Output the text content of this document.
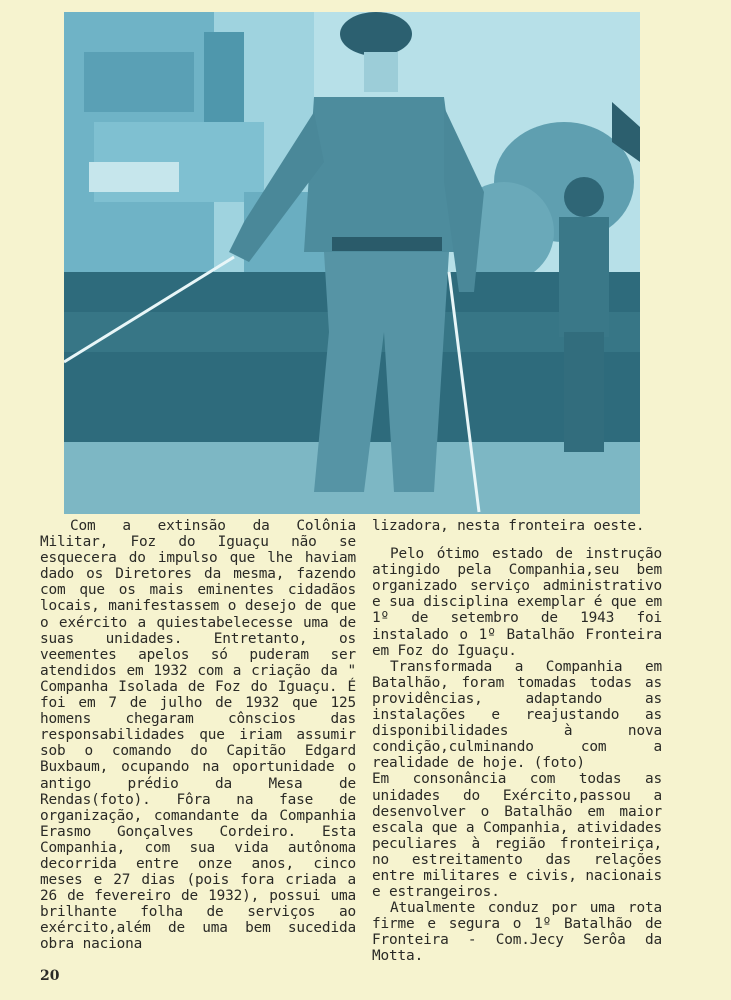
Com a extinsão da Colônia Militar, Foz do Iguaçu não se esquecera do impulso que lhe haviam dado os Diretores da mesma, fazendo com que os mais eminentes cidadãos locais, manifestassem o desejo de que o exército a quiestabelecesse uma de suas unidades. Entretanto, os veementes apelos só puderam ser atendidos em 1932 com a criação da " Companha Isolada de Foz do Iguaçu. É foi em 7 de julho de 1932 que 125 homens chegaram cônscios das responsabilidades que iriam assumir sob o comando do Capitão Edgard Buxbaum, ocupando na oportunidade o antigo prédio da Mesa de Rendas(foto). Fôra na fase de organização, comandante da Companhia Erasmo Gonçalves Cordeiro. Esta Companhia, com sua vida autônoma decorrida entre onze anos, cinco meses e 27 dias (pois fora criada a 26 de fevereiro de 1932), possui uma brilhante folha de serviços ao exército,além de uma bem sucedida obra naciona

lizadora, nesta fronteira oeste.

Pelo ótimo estado de instrução atingido pela Companhia,seu bem organizado serviço administrativo e sua disciplina exemplar é que em 1º de setembro de 1943 foi instalado o 1º Batalhão Fronteira em Foz do Iguaçu.

Transformada a Companhia em Batalhão, foram tomadas todas as providências, adaptando as instalações e reajustando as disponibilidades à nova condição,culminando com a realidade de hoje. (foto)

Em consonância com todas as unidades do Exército,passou a desenvolver o Batalhão em maior escala que a Companhia, atividades peculiares à região fronteiriça, no estreitamento das relações entre militares e civis, nacionais e estrangeiros.

Atualmente conduz por uma rota firme e segura o 1º Batalhão de Fronteira - Com.Jecy Serôa da Motta.

20
